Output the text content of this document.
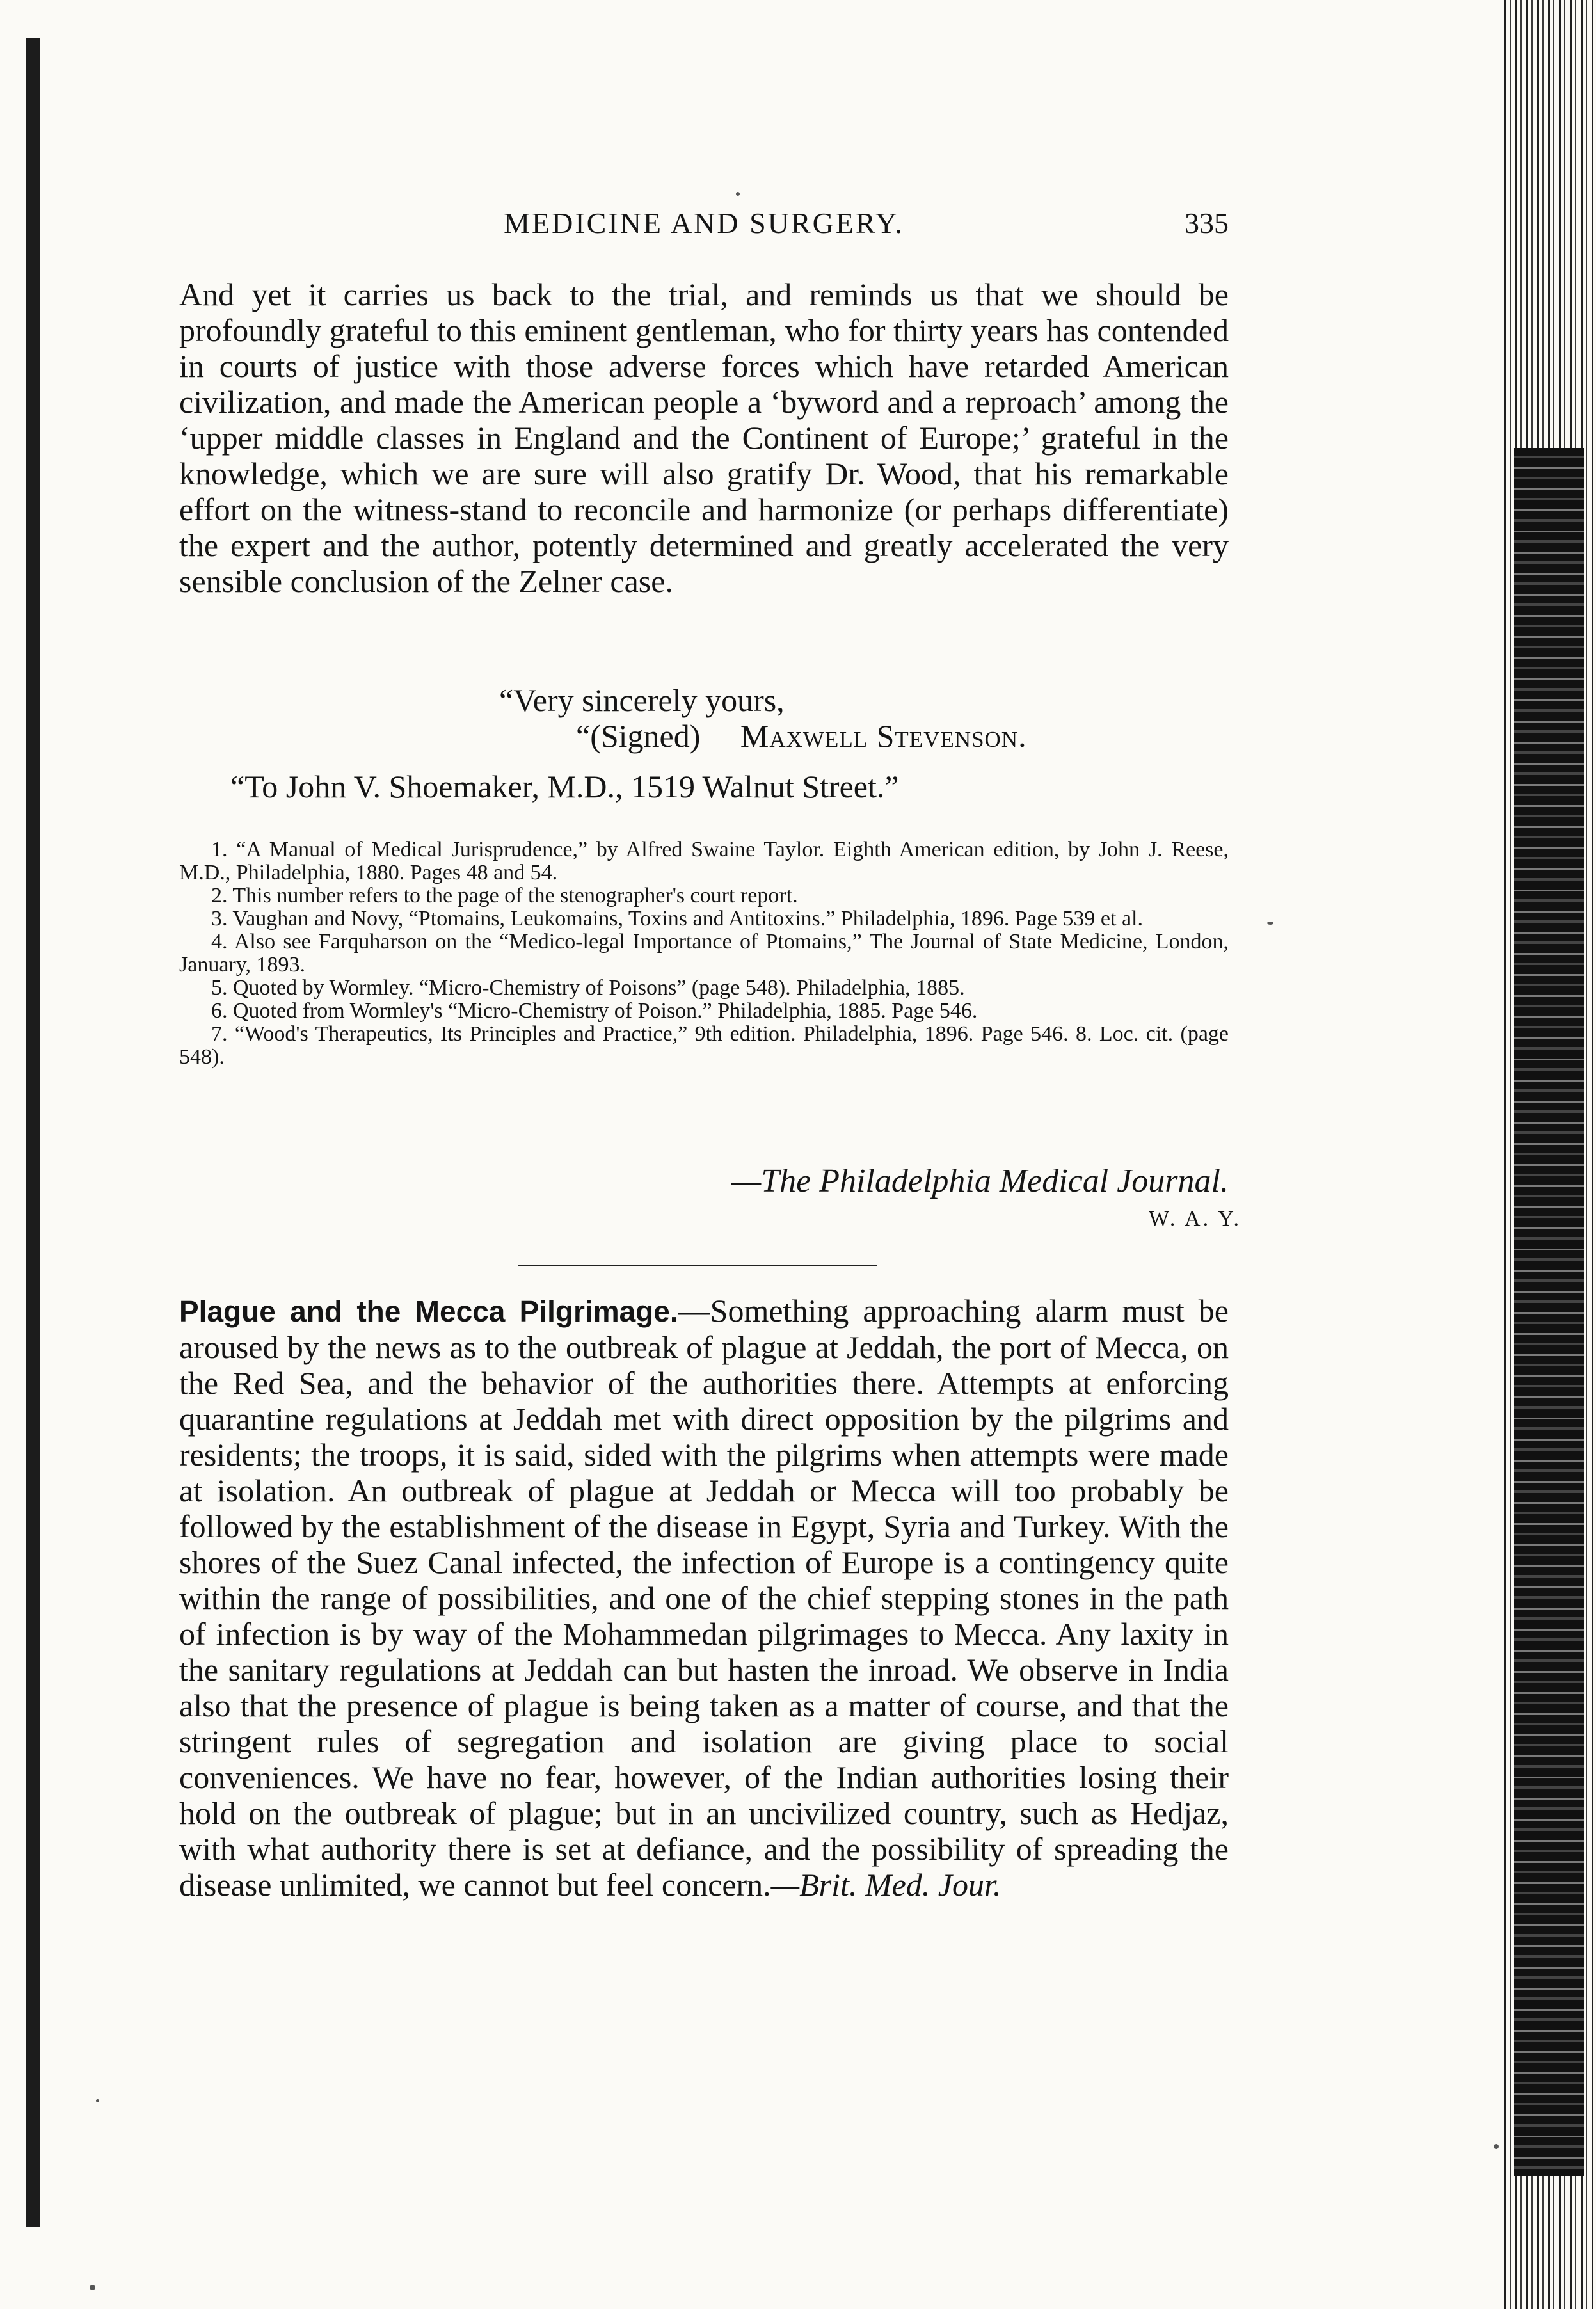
MEDICINE AND SURGERY.	335

And yet it carries us back to the trial, and reminds us that we should be profoundly grateful to this eminent gentleman, who for thirty years has contended in courts of justice with those adverse forces which have retarded American civilization, and made the American people a ‘byword and a reproach’ among the ‘upper middle classes in England and the Continent of Europe;’ grateful in the knowledge, which we are sure will also gratify Dr. Wood, that his remarkable effort on the witness-stand to reconcile and harmonize (or perhaps differentiate) the expert and the author, potently determined and greatly accelerated the very sensible conclusion of the Zelner case.

“Very sincerely yours,
“(Signed) Maxwell Stevenson.
“To John V. Shoemaker, M.D., 1519 Walnut Street.”
1. “A Manual of Medical Jurisprudence,” by Alfred Swaine Taylor. Eighth American edition, by John J. Reese, M.D., Philadelphia, 1880. Pages 48 and 54.
2. This number refers to the page of the stenographer's court report.
3. Vaughan and Novy, “Ptomains, Leukomains, Toxins and Antitoxins.” Philadelphia, 1896. Page 539 et al.
4. Also see Farquharson on the “Medico-legal Importance of Ptomains,” The Journal of State Medicine, London, January, 1893.
5. Quoted by Wormley. “Micro-Chemistry of Poisons” (page 548). Philadelphia, 1885.
6. Quoted from Wormley's “Micro-Chemistry of Poison.” Philadelphia, 1885. Page 546.
7. “Wood's Therapeutics, Its Principles and Practice,” 9th edition. Philadelphia, 1896. Page 546. 8. Loc. cit. (page 548).
—The Philadelphia Medical Journal.
W. A. Y.

Plague and the Mecca Pilgrimage.—Something approaching alarm must be aroused by the news as to the outbreak of plague at Jeddah, the port of Mecca, on the Red Sea, and the behavior of the authorities there. Attempts at enforcing quarantine regulations at Jeddah met with direct opposition by the pilgrims and residents; the troops, it is said, sided with the pilgrims when attempts were made at isolation. An outbreak of plague at Jeddah or Mecca will too probably be followed by the establishment of the disease in Egypt, Syria and Turkey. With the shores of the Suez Canal infected, the infection of Europe is a contingency quite within the range of possibilities, and one of the chief stepping stones in the path of infection is by way of the Mohammedan pilgrimages to Mecca. Any laxity in the sanitary regulations at Jeddah can but hasten the inroad. We observe in India also that the presence of plague is being taken as a matter of course, and that the stringent rules of segregation and isolation are giving place to social conveniences. We have no fear, however, of the Indian authorities losing their hold on the outbreak of plague; but in an uncivilized country, such as Hedjaz, with what authority there is set at defiance, and the possibility of spreading the disease unlimited, we cannot but feel concern.—Brit. Med. Jour.
